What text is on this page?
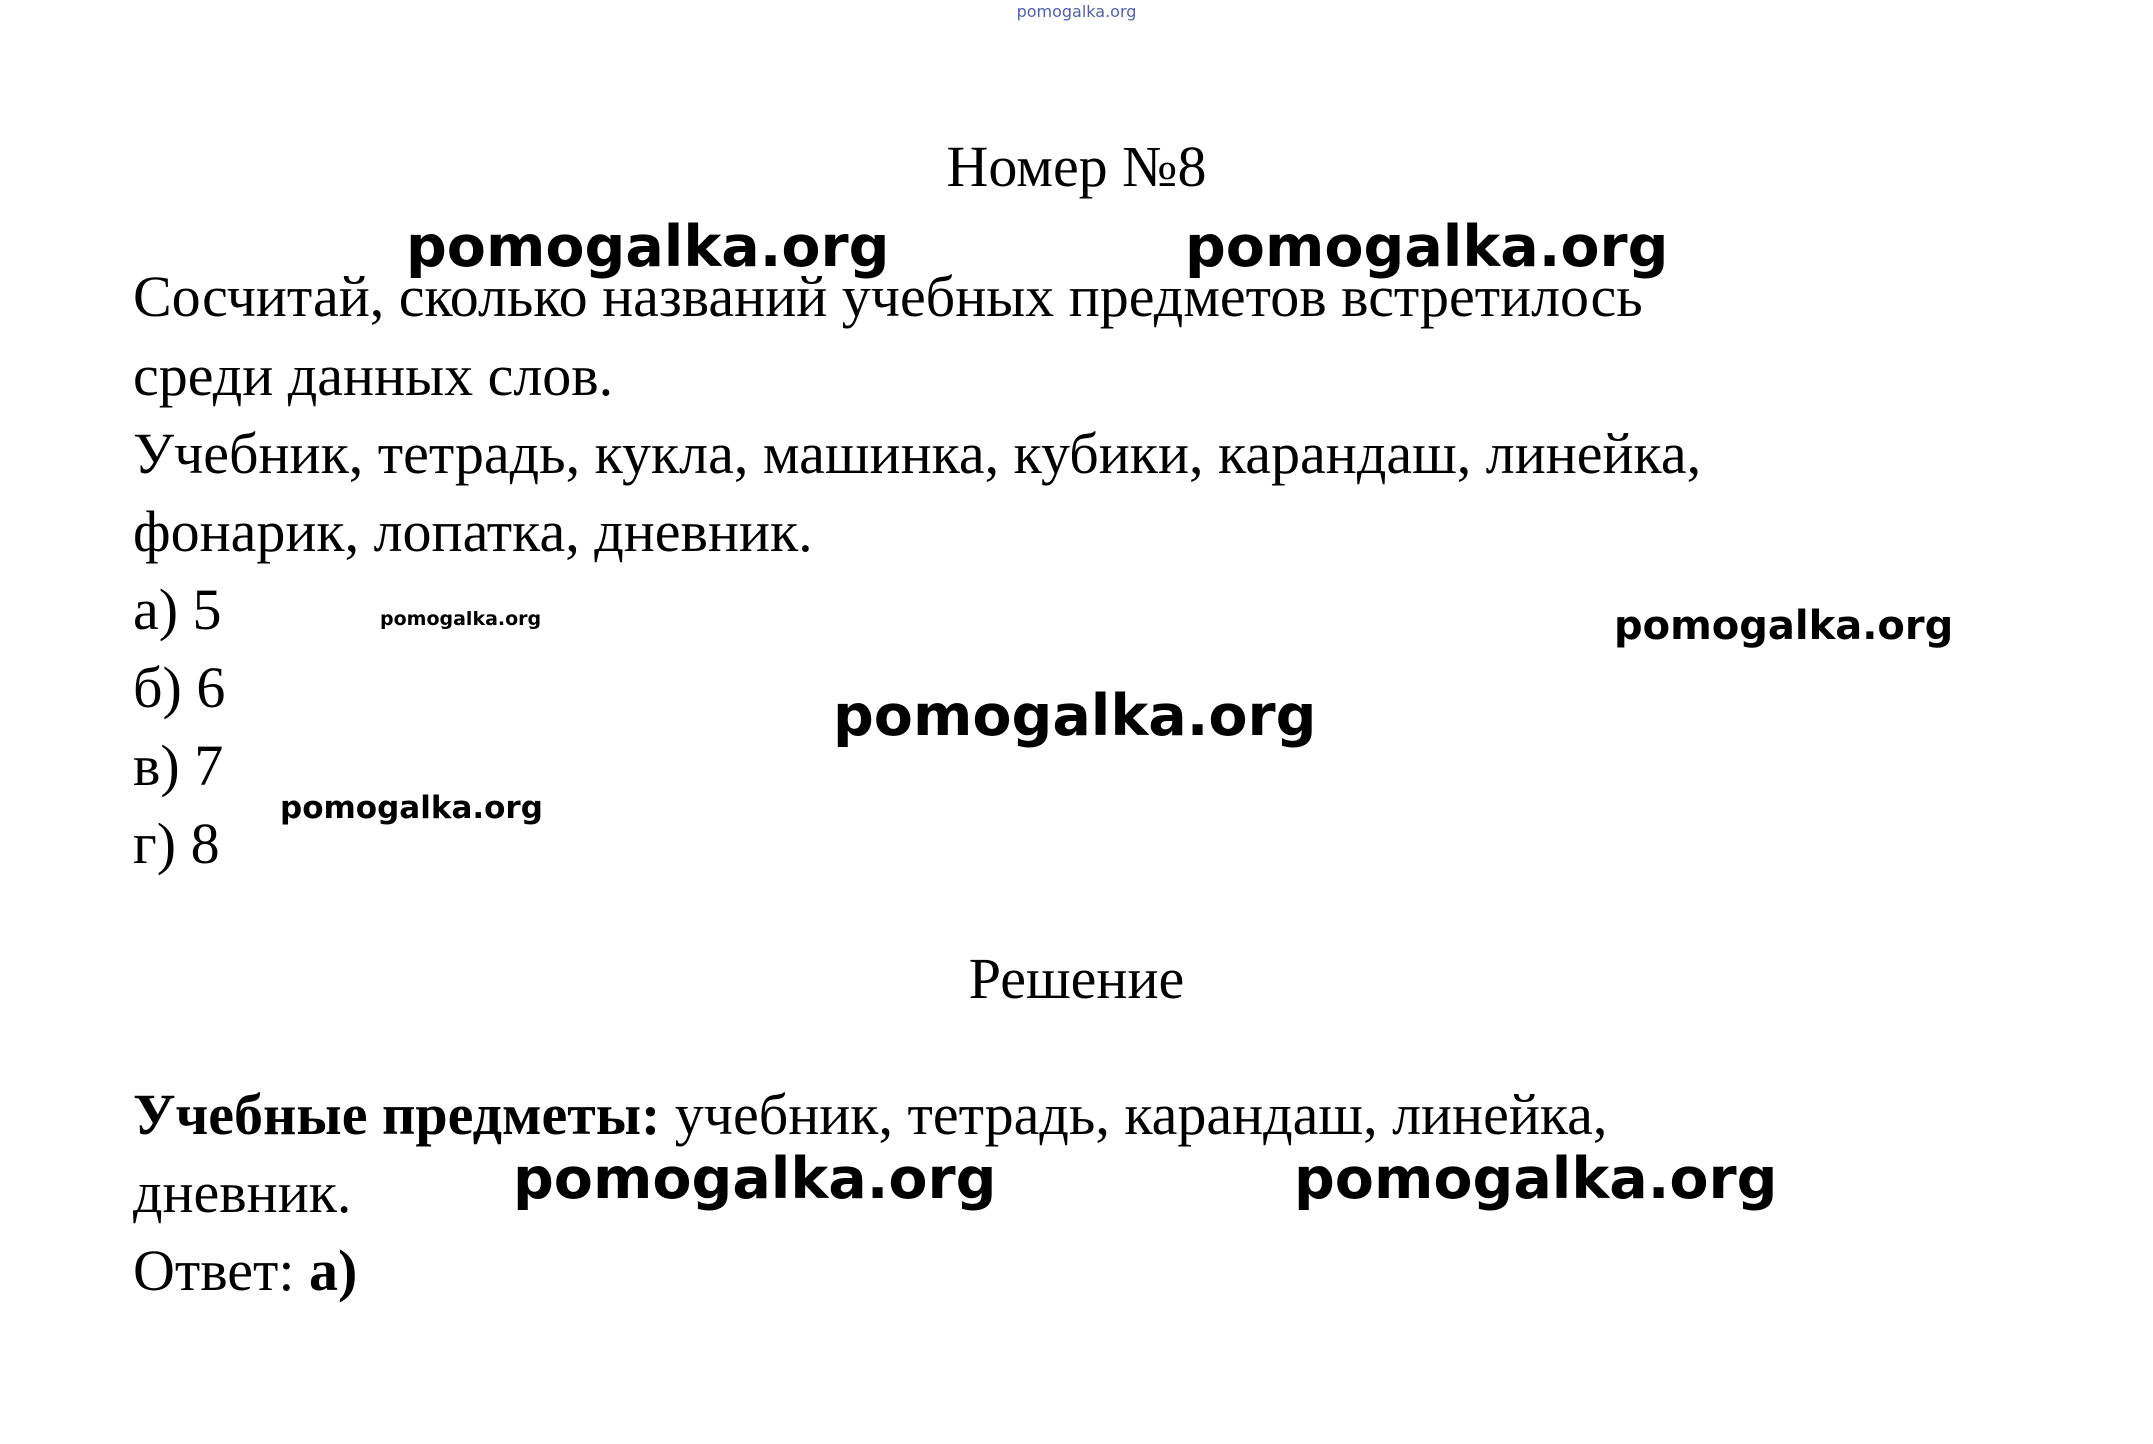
pomogalka.org
Номер №8
Сосчитай, сколько названий учебных предметов встретилось
среди данных слов.
Учебник, тетрадь, кукла, машинка, кубики, карандаш, линейка,
фонарик, лопатка, дневник.
а) 5
б) 6
в) 7
г) 8
Решение
Учебные предметы: учебник, тетрадь, карандаш, линейка,
дневник.
Ответ: а)
pomogalka.org	pomogalka.org
pomogalka.org	pomogalka.org
pomogalka.org
pomogalka.org
pomogalka.org	pomogalka.org
